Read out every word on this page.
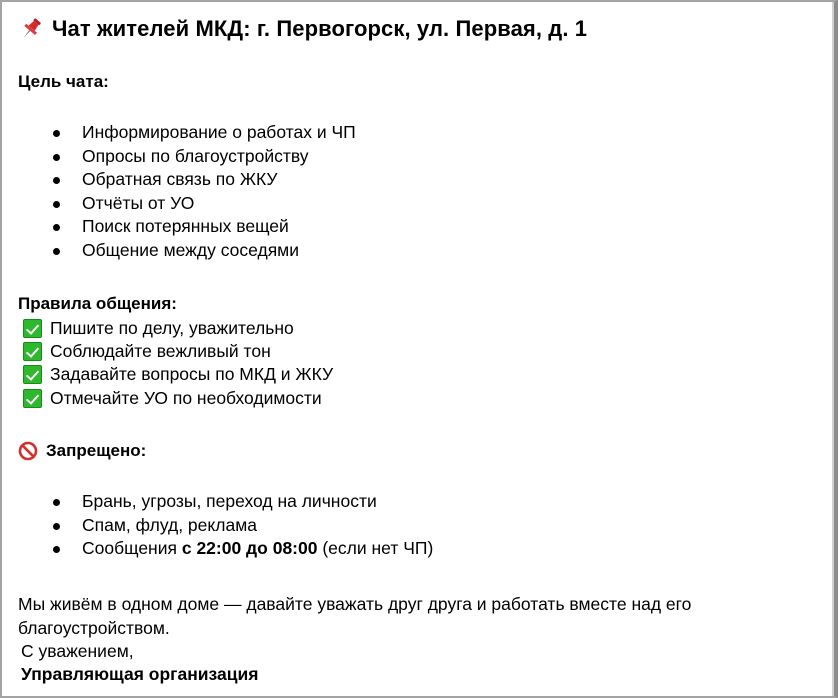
Чат жителей МКД: г. Первогорск, ул. Первая, д. 1
Цель чата:
Информирование о работах и ЧП
Опросы по благоустройству
Обратная связь по ЖКУ
Отчёты от УО
Поиск потерянных вещей
Общение между соседями
Правила общения:
Пишите по делу, уважительно
Соблюдайте вежливый тон
Задавайте вопросы по МКД и ЖКУ
Отмечайте УО по необходимости
Запрещено:
Брань, угрозы, переход на личности
Спам, флуд, реклама
Сообщения с 22:00 до 08:00 (если нет ЧП)
Мы живём в одном доме — давайте уважать друг друга и работать вместе над его благоустройством.
С уважением,
Управляющая организация
